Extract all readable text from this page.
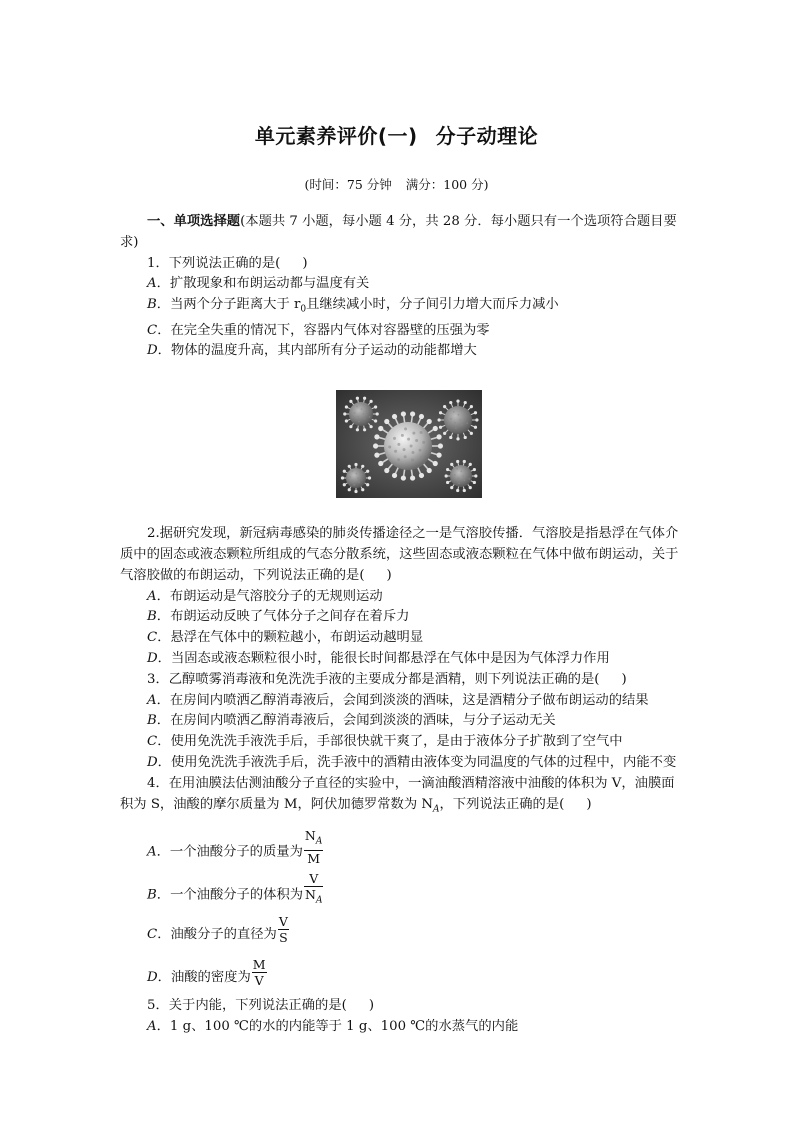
单元素养评价(一) 分子动理论
(时间：75 分钟 满分：100 分)

一、单项选择题(本题共 7 小题，每小题 4 分，共 28 分．每小题只有一个选项符合题目要求)

1．下列说法正确的是( )

A．扩散现象和布朗运动都与温度有关

B．当两个分子距离大于 $r_0$且继续减小时，分子间引力增大而斥力减小

C．在完全失重的情况下，容器内气体对容器壁的压强为零

D．物体的温度升高，其内部所有分子运动的动能都增大

2.据研究发现，新冠病毒感染的肺炎传播途径之一是气溶胶传播．气溶胶是指悬浮在气体介质中的固态或液态颗粒所组成的气态分散系统，这些固态或液态颗粒在气体中做布朗运动，关于气溶胶做的布朗运动，下列说法正确的是( )

A．布朗运动是气溶胶分子的无规则运动

B．布朗运动反映了气体分子之间存在着斥力

C．悬浮在气体中的颗粒越小，布朗运动越明显

D．当固态或液态颗粒很小时，能很长时间都悬浮在气体中是因为气体浮力作用

3．乙醇喷雾消毒液和免洗洗手液的主要成分都是酒精，则下列说法正确的是( )

A．在房间内喷洒乙醇消毒液后，会闻到淡淡的酒味，这是酒精分子做布朗运动的结果

B．在房间内喷洒乙醇消毒液后，会闻到淡淡的酒味，与分子运动无关

C．使用免洗洗手液洗手后，手部很快就干爽了，是由于液体分子扩散到了空气中

D．使用免洗洗手液洗手后，洗手液中的酒精由液体变为同温度的气体的过程中，内能不变

4．在用油膜法估测油酸分子直径的实验中，一滴油酸酒精溶液中油酸的体积为 V，油膜面积为 S，油酸的摩尔质量为 M，阿伏加德罗常数为 $N_A$，下列说法正确的是( )

A．一个油酸分子的质量为 $\frac{N_A}{M}$
B．一个油酸分子的体积为 $\frac{V}{N_A}$
C．油酸分子的直径为 $\frac{V}{S}$
D．油酸的密度为 $\frac{M}{V}$

5．关于内能，下列说法正确的是( )

A．1 g、100 ℃的水的内能等于 1 g、100 ℃的水蒸气的内能
